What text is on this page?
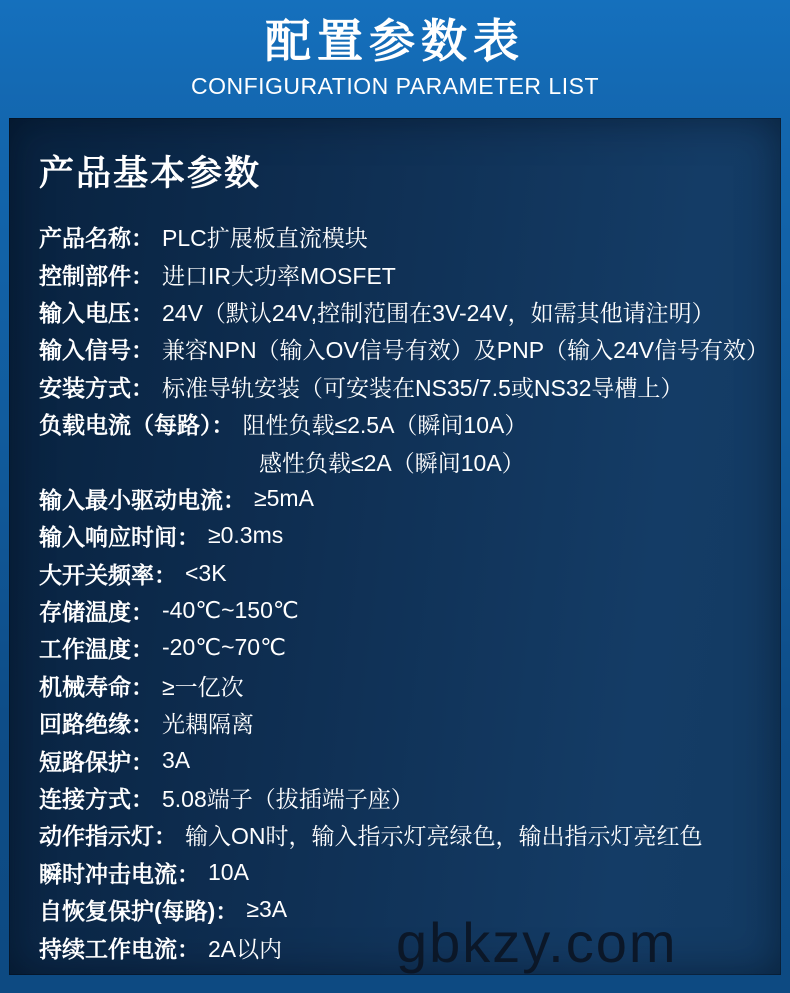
配置参数表
CONFIGURATION PARAMETER LIST
产品基本参数
产品名称： PLC扩展板直流模块
控制部件： 进口IR大功率MOSFET
输入电压： 24V（默认24V,控制范围在3V-24V，如需其他请注明）
输入信号： 兼容NPN（输入OV信号有效）及PNP（输入24V信号有效）
安装方式： 标准导轨安装（可安装在NS35/7.5或NS32导槽上）
负载电流（每路）： 阻性负载≤2.5A（瞬间10A）
感性负载≤2A（瞬间10A）
输入最小驱动电流： ≥5mA
输入响应时间： ≥0.3ms
大开关频率： <3K
存储温度： -40℃~150℃
工作温度： -20℃~70℃
机械寿命： ≥一亿次
回路绝缘： 光耦隔离
短路保护： 3A
连接方式： 5.08端子（拔插端子座）
动作指示灯： 输入ON时，输入指示灯亮绿色，输出指示灯亮红色
瞬时冲击电流： 10A
自恢复保护(每路)： ≥3A
持续工作电流： 2A以内 gbkzy.com
